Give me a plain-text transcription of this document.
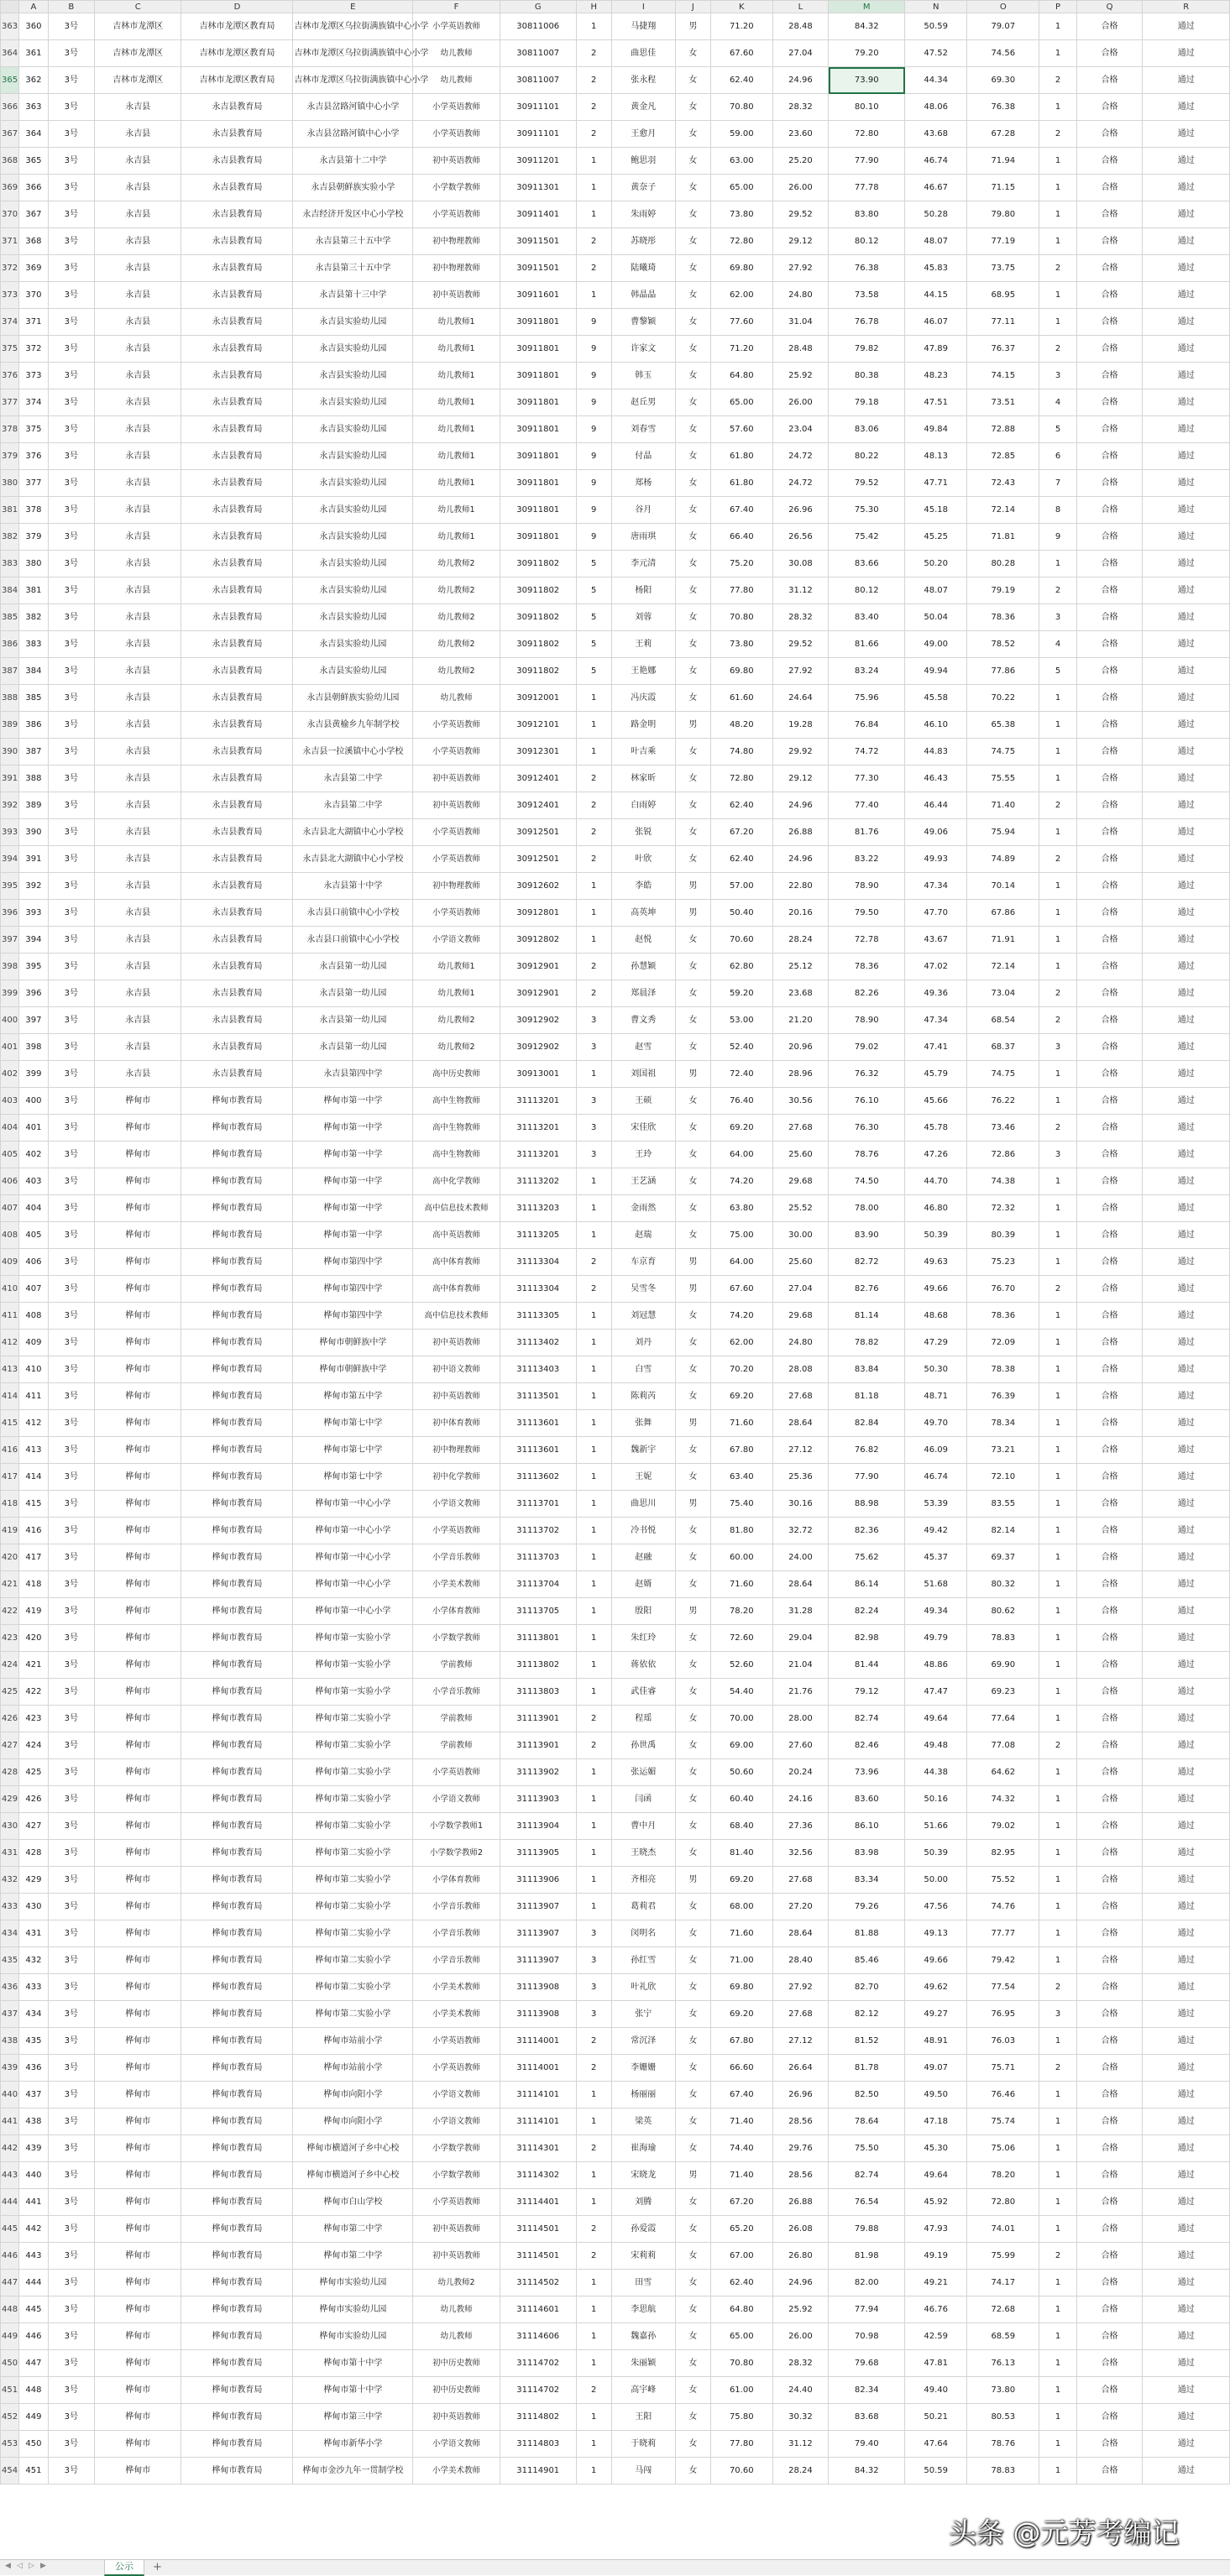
	A	B	C	D	E	F	G	H	I	J	K	L	M	N	O	P	Q	R
363	360	3号	吉林市龙潭区	吉林市龙潭区教育局	吉林市龙潭区乌拉街满族镇中心小学	小学英语教师	30811006	1	马捷翔	男	71.20	28.48	84.32	50.59	79.07	1	合格	通过
364	361	3号	吉林市龙潭区	吉林市龙潭区教育局	吉林市龙潭区乌拉街满族镇中心小学	幼儿教师	30811007	2	曲思佳	女	67.60	27.04	79.20	47.52	74.56	1	合格	通过
365	362	3号	吉林市龙潭区	吉林市龙潭区教育局	吉林市龙潭区乌拉街满族镇中心小学	幼儿教师	30811007	2	张永程	女	62.40	24.96	73.90	44.34	69.30	2	合格	通过
366	363	3号	永吉县	永吉县教育局	永吉县岔路河镇中心小学	小学英语教师	30911101	2	黄金凡	女	70.80	28.32	80.10	48.06	76.38	1	合格	通过
367	364	3号	永吉县	永吉县教育局	永吉县岔路河镇中心小学	小学英语教师	30911101	2	王愈月	女	59.00	23.60	72.80	43.68	67.28	2	合格	通过
368	365	3号	永吉县	永吉县教育局	永吉县第十二中学	初中英语教师	30911201	1	鲍思羽	女	63.00	25.20	77.90	46.74	71.94	1	合格	通过
369	366	3号	永吉县	永吉县教育局	永吉县朝鲜族实验小学	小学数学教师	30911301	1	黄奈子	女	65.00	26.00	77.78	46.67	71.15	1	合格	通过
370	367	3号	永吉县	永吉县教育局	永吉经济开发区中心小学校	小学英语教师	30911401	1	朱雨婷	女	73.80	29.52	83.80	50.28	79.80	1	合格	通过
371	368	3号	永吉县	永吉县教育局	永吉县第三十五中学	初中物理教师	30911501	2	苏晓彤	女	72.80	29.12	80.12	48.07	77.19	1	合格	通过
372	369	3号	永吉县	永吉县教育局	永吉县第三十五中学	初中物理教师	30911501	2	陆曦琦	女	69.80	27.92	76.38	45.83	73.75	2	合格	通过
373	370	3号	永吉县	永吉县教育局	永吉县第十三中学	初中英语教师	30911601	1	韩晶晶	女	62.00	24.80	73.58	44.15	68.95	1	合格	通过
374	371	3号	永吉县	永吉县教育局	永吉县实验幼儿园	幼儿教师1	30911801	9	曹黎颖	女	77.60	31.04	76.78	46.07	77.11	1	合格	通过
375	372	3号	永吉县	永吉县教育局	永吉县实验幼儿园	幼儿教师1	30911801	9	许家文	女	71.20	28.48	79.82	47.89	76.37	2	合格	通过
376	373	3号	永吉县	永吉县教育局	永吉县实验幼儿园	幼儿教师1	30911801	9	韩玉	女	64.80	25.92	80.38	48.23	74.15	3	合格	通过
377	374	3号	永吉县	永吉县教育局	永吉县实验幼儿园	幼儿教师1	30911801	9	赵丘男	女	65.00	26.00	79.18	47.51	73.51	4	合格	通过
378	375	3号	永吉县	永吉县教育局	永吉县实验幼儿园	幼儿教师1	30911801	9	刘春雪	女	57.60	23.04	83.06	49.84	72.88	5	合格	通过
379	376	3号	永吉县	永吉县教育局	永吉县实验幼儿园	幼儿教师1	30911801	9	付晶	女	61.80	24.72	80.22	48.13	72.85	6	合格	通过
380	377	3号	永吉县	永吉县教育局	永吉县实验幼儿园	幼儿教师1	30911801	9	郑杨	女	61.80	24.72	79.52	47.71	72.43	7	合格	通过
381	378	3号	永吉县	永吉县教育局	永吉县实验幼儿园	幼儿教师1	30911801	9	谷月	女	67.40	26.96	75.30	45.18	72.14	8	合格	通过
382	379	3号	永吉县	永吉县教育局	永吉县实验幼儿园	幼儿教师1	30911801	9	唐雨琪	女	66.40	26.56	75.42	45.25	71.81	9	合格	通过
383	380	3号	永吉县	永吉县教育局	永吉县实验幼儿园	幼儿教师2	30911802	5	李元清	女	75.20	30.08	83.66	50.20	80.28	1	合格	通过
384	381	3号	永吉县	永吉县教育局	永吉县实验幼儿园	幼儿教师2	30911802	5	杨阳	女	77.80	31.12	80.12	48.07	79.19	2	合格	通过
385	382	3号	永吉县	永吉县教育局	永吉县实验幼儿园	幼儿教师2	30911802	5	刘蓉	女	70.80	28.32	83.40	50.04	78.36	3	合格	通过
386	383	3号	永吉县	永吉县教育局	永吉县实验幼儿园	幼儿教师2	30911802	5	王莉	女	73.80	29.52	81.66	49.00	78.52	4	合格	通过
387	384	3号	永吉县	永吉县教育局	永吉县实验幼儿园	幼儿教师2	30911802	5	王艳娜	女	69.80	27.92	83.24	49.94	77.86	5	合格	通过
388	385	3号	永吉县	永吉县教育局	永吉县朝鲜族实验幼儿园	幼儿教师	30912001	1	冯庆霞	女	61.60	24.64	75.96	45.58	70.22	1	合格	通过
389	386	3号	永吉县	永吉县教育局	永吉县黄榆乡九年制学校	小学英语教师	30912101	1	路金明	男	48.20	19.28	76.84	46.10	65.38	1	合格	通过
390	387	3号	永吉县	永吉县教育局	永吉县一拉溪镇中心小学校	小学英语教师	30912301	1	叶吉乘	女	74.80	29.92	74.72	44.83	74.75	1	合格	通过
391	388	3号	永吉县	永吉县教育局	永吉县第二中学	初中英语教师	30912401	2	林家昕	女	72.80	29.12	77.30	46.43	75.55	1	合格	通过
392	389	3号	永吉县	永吉县教育局	永吉县第二中学	初中英语教师	30912401	2	白雨婷	女	62.40	24.96	77.40	46.44	71.40	2	合格	通过
393	390	3号	永吉县	永吉县教育局	永吉县北大湖镇中心小学校	小学英语教师	30912501	2	张锐	女	67.20	26.88	81.76	49.06	75.94	1	合格	通过
394	391	3号	永吉县	永吉县教育局	永吉县北大湖镇中心小学校	小学英语教师	30912501	2	叶欣	女	62.40	24.96	83.22	49.93	74.89	2	合格	通过
395	392	3号	永吉县	永吉县教育局	永吉县第十中学	初中物理教师	30912602	1	李皓	男	57.00	22.80	78.90	47.34	70.14	1	合格	通过
396	393	3号	永吉县	永吉县教育局	永吉县口前镇中心小学校	小学英语教师	30912801	1	高英坤	男	50.40	20.16	79.50	47.70	67.86	1	合格	通过
397	394	3号	永吉县	永吉县教育局	永吉县口前镇中心小学校	小学语文教师	30912802	1	赵悦	女	70.60	28.24	72.78	43.67	71.91	1	合格	通过
398	395	3号	永吉县	永吉县教育局	永吉县第一幼儿园	幼儿教师1	30912901	2	孙慧颖	女	62.80	25.12	78.36	47.02	72.14	1	合格	通过
399	396	3号	永吉县	永吉县教育局	永吉县第一幼儿园	幼儿教师1	30912901	2	郑晨泽	女	59.20	23.68	82.26	49.36	73.04	2	合格	通过
400	397	3号	永吉县	永吉县教育局	永吉县第一幼儿园	幼儿教师2	30912902	3	曹文秀	女	53.00	21.20	78.90	47.34	68.54	2	合格	通过
401	398	3号	永吉县	永吉县教育局	永吉县第一幼儿园	幼儿教师2	30912902	3	赵雪	女	52.40	20.96	79.02	47.41	68.37	3	合格	通过
402	399	3号	永吉县	永吉县教育局	永吉县第四中学	高中历史教师	30913001	1	刘国祖	男	72.40	28.96	76.32	45.79	74.75	1	合格	通过
403	400	3号	桦甸市	桦甸市教育局	桦甸市第一中学	高中生物教师	31113201	3	王硕	女	76.40	30.56	76.10	45.66	76.22	1	合格	通过
404	401	3号	桦甸市	桦甸市教育局	桦甸市第一中学	高中生物教师	31113201	3	宋佳欣	女	69.20	27.68	76.30	45.78	73.46	2	合格	通过
405	402	3号	桦甸市	桦甸市教育局	桦甸市第一中学	高中生物教师	31113201	3	王玲	女	64.00	25.60	78.76	47.26	72.86	3	合格	通过
406	403	3号	桦甸市	桦甸市教育局	桦甸市第一中学	高中化学教师	31113202	1	王艺涵	女	74.20	29.68	74.50	44.70	74.38	1	合格	通过
407	404	3号	桦甸市	桦甸市教育局	桦甸市第一中学	高中信息技术教师	31113203	1	金雨然	女	63.80	25.52	78.00	46.80	72.32	1	合格	通过
408	405	3号	桦甸市	桦甸市教育局	桦甸市第一中学	高中英语教师	31113205	1	赵瑞	女	75.00	30.00	83.90	50.39	80.39	1	合格	通过
409	406	3号	桦甸市	桦甸市教育局	桦甸市第四中学	高中体育教师	31113304	2	车京育	男	64.00	25.60	82.72	49.63	75.23	1	合格	通过
410	407	3号	桦甸市	桦甸市教育局	桦甸市第四中学	高中体育教师	31113304	2	吴雪冬	男	67.60	27.04	82.76	49.66	76.70	2	合格	通过
411	408	3号	桦甸市	桦甸市教育局	桦甸市第四中学	高中信息技术教师	31113305	1	刘冠慧	女	74.20	29.68	81.14	48.68	78.36	1	合格	通过
412	409	3号	桦甸市	桦甸市教育局	桦甸市朝鲜族中学	初中英语教师	31113402	1	刘丹	女	62.00	24.80	78.82	47.29	72.09	1	合格	通过
413	410	3号	桦甸市	桦甸市教育局	桦甸市朝鲜族中学	初中语文教师	31113403	1	白雪	女	70.20	28.08	83.84	50.30	78.38	1	合格	通过
414	411	3号	桦甸市	桦甸市教育局	桦甸市第五中学	初中英语教师	31113501	1	陈莉芮	女	69.20	27.68	81.18	48.71	76.39	1	合格	通过
415	412	3号	桦甸市	桦甸市教育局	桦甸市第七中学	初中体育教师	31113601	1	张舞	男	71.60	28.64	82.84	49.70	78.34	1	合格	通过
416	413	3号	桦甸市	桦甸市教育局	桦甸市第七中学	初中物理教师	31113601	1	魏新宇	女	67.80	27.12	76.82	46.09	73.21	1	合格	通过
417	414	3号	桦甸市	桦甸市教育局	桦甸市第七中学	初中化学教师	31113602	1	王妮	女	63.40	25.36	77.90	46.74	72.10	1	合格	通过
418	415	3号	桦甸市	桦甸市教育局	桦甸市第一中心小学	小学语文教师	31113701	1	曲思川	男	75.40	30.16	88.98	53.39	83.55	1	合格	通过
419	416	3号	桦甸市	桦甸市教育局	桦甸市第一中心小学	小学英语教师	31113702	1	冷书悦	女	81.80	32.72	82.36	49.42	82.14	1	合格	通过
420	417	3号	桦甸市	桦甸市教育局	桦甸市第一中心小学	小学音乐教师	31113703	1	赵融	女	60.00	24.00	75.62	45.37	69.37	1	合格	通过
421	418	3号	桦甸市	桦甸市教育局	桦甸市第一中心小学	小学美术教师	31113704	1	赵婿	女	71.60	28.64	86.14	51.68	80.32	1	合格	通过
422	419	3号	桦甸市	桦甸市教育局	桦甸市第一中心小学	小学体育教师	31113705	1	殷阳	男	78.20	31.28	82.24	49.34	80.62	1	合格	通过
423	420	3号	桦甸市	桦甸市教育局	桦甸市第一实验小学	小学数学教师	31113801	1	朱红玲	女	72.60	29.04	82.98	49.79	78.83	1	合格	通过
424	421	3号	桦甸市	桦甸市教育局	桦甸市第一实验小学	学前教师	31113802	1	蒋依依	女	52.60	21.04	81.44	48.86	69.90	1	合格	通过
425	422	3号	桦甸市	桦甸市教育局	桦甸市第一实验小学	小学音乐教师	31113803	1	武佳睿	女	54.40	21.76	79.12	47.47	69.23	1	合格	通过
426	423	3号	桦甸市	桦甸市教育局	桦甸市第二实验小学	学前教师	31113901	2	程瑶	女	70.00	28.00	82.74	49.64	77.64	1	合格	通过
427	424	3号	桦甸市	桦甸市教育局	桦甸市第二实验小学	学前教师	31113901	2	孙世禹	女	69.00	27.60	82.46	49.48	77.08	2	合格	通过
428	425	3号	桦甸市	桦甸市教育局	桦甸市第二实验小学	小学英语教师	31113902	1	张运媚	女	50.60	20.24	73.96	44.38	64.62	1	合格	通过
429	426	3号	桦甸市	桦甸市教育局	桦甸市第二实验小学	小学语文教师	31113903	1	闫函	女	60.40	24.16	83.60	50.16	74.32	1	合格	通过
430	427	3号	桦甸市	桦甸市教育局	桦甸市第二实验小学	小学数学教师1	31113904	1	曹中月	女	68.40	27.36	86.10	51.66	79.02	1	合格	通过
431	428	3号	桦甸市	桦甸市教育局	桦甸市第二实验小学	小学数学教师2	31113905	1	王晓杰	女	81.40	32.56	83.98	50.39	82.95	1	合格	通过
432	429	3号	桦甸市	桦甸市教育局	桦甸市第二实验小学	小学体育教师	31113906	1	齐相亮	男	69.20	27.68	83.34	50.00	75.52	1	合格	通过
433	430	3号	桦甸市	桦甸市教育局	桦甸市第二实验小学	小学音乐教师	31113907	1	葛莉君	女	68.00	27.20	79.26	47.56	74.76	1	合格	通过
434	431	3号	桦甸市	桦甸市教育局	桦甸市第二实验小学	小学音乐教师	31113907	3	闵明名	女	71.60	28.64	81.88	49.13	77.77	1	合格	通过
435	432	3号	桦甸市	桦甸市教育局	桦甸市第二实验小学	小学音乐教师	31113907	3	孙红雪	女	71.00	28.40	85.46	49.66	79.42	1	合格	通过
436	433	3号	桦甸市	桦甸市教育局	桦甸市第二实验小学	小学美术教师	31113908	3	叶礼欣	女	69.80	27.92	82.70	49.62	77.54	2	合格	通过
437	434	3号	桦甸市	桦甸市教育局	桦甸市第二实验小学	小学美术教师	31113908	3	张宁	女	69.20	27.68	82.12	49.27	76.95	3	合格	通过
438	435	3号	桦甸市	桦甸市教育局	桦甸市站前小学	小学英语教师	31114001	2	常沉泽	女	67.80	27.12	81.52	48.91	76.03	1	合格	通过
439	436	3号	桦甸市	桦甸市教育局	桦甸市站前小学	小学英语教师	31114001	2	李姗姗	女	66.60	26.64	81.78	49.07	75.71	2	合格	通过
440	437	3号	桦甸市	桦甸市教育局	桦甸市向阳小学	小学语文教师	31114101	1	杨丽丽	女	67.40	26.96	82.50	49.50	76.46	1	合格	通过
441	438	3号	桦甸市	桦甸市教育局	桦甸市向阳小学	小学语文教师	31114101	1	梁英	女	71.40	28.56	78.64	47.18	75.74	1	合格	通过
442	439	3号	桦甸市	桦甸市教育局	桦甸市横道河子乡中心校	小学数学教师	31114301	2	崔海瑜	女	74.40	29.76	75.50	45.30	75.06	1	合格	通过
443	440	3号	桦甸市	桦甸市教育局	桦甸市横道河子乡中心校	小学数学教师	31114302	1	宋晓龙	男	71.40	28.56	82.74	49.64	78.20	1	合格	通过
444	441	3号	桦甸市	桦甸市教育局	桦甸市白山学校	小学英语教师	31114401	1	刘腾	女	67.20	26.88	76.54	45.92	72.80	1	合格	通过
445	442	3号	桦甸市	桦甸市教育局	桦甸市第二中学	初中英语教师	31114501	2	孙爱霞	女	65.20	26.08	79.88	47.93	74.01	1	合格	通过
446	443	3号	桦甸市	桦甸市教育局	桦甸市第二中学	初中英语教师	31114501	2	宋莉莉	女	67.00	26.80	81.98	49.19	75.99	2	合格	通过
447	444	3号	桦甸市	桦甸市教育局	桦甸市实验幼儿园	幼儿教师2	31114502	1	田雪	女	62.40	24.96	82.00	49.21	74.17	1	合格	通过
448	445	3号	桦甸市	桦甸市教育局	桦甸市实验幼儿园	幼儿教师	31114601	1	李思航	女	64.80	25.92	77.94	46.76	72.68	1	合格	通过
449	446	3号	桦甸市	桦甸市教育局	桦甸市实验幼儿园	幼儿教师	31114606	1	魏嘉孙	女	65.00	26.00	70.98	42.59	68.59	1	合格	通过
450	447	3号	桦甸市	桦甸市教育局	桦甸市第十中学	初中历史教师	31114702	1	朱丽颖	女	70.80	28.32	79.68	47.81	76.13	1	合格	通过
451	448	3号	桦甸市	桦甸市教育局	桦甸市第十中学	初中历史教师	31114702	2	高宇峰	女	61.00	24.40	82.34	49.40	73.80	1	合格	通过
452	449	3号	桦甸市	桦甸市教育局	桦甸市第三中学	初中英语教师	31114802	1	王阳	女	75.80	30.32	83.68	50.21	80.53	1	合格	通过
453	450	3号	桦甸市	桦甸市教育局	桦甸市新华小学	小学语文教师	31114803	1	于晓莉	女	77.80	31.12	79.40	47.64	78.76	1	合格	通过
454	451	3号	桦甸市	桦甸市教育局	桦甸市金沙九年一贯制学校	小学美术教师	31114901	1	马闯	女	70.60	28.24	84.32	50.59	78.83	1	合格	通过
◀ ◁ ▷ ▶	公示	+
头条 @元芳考编记
